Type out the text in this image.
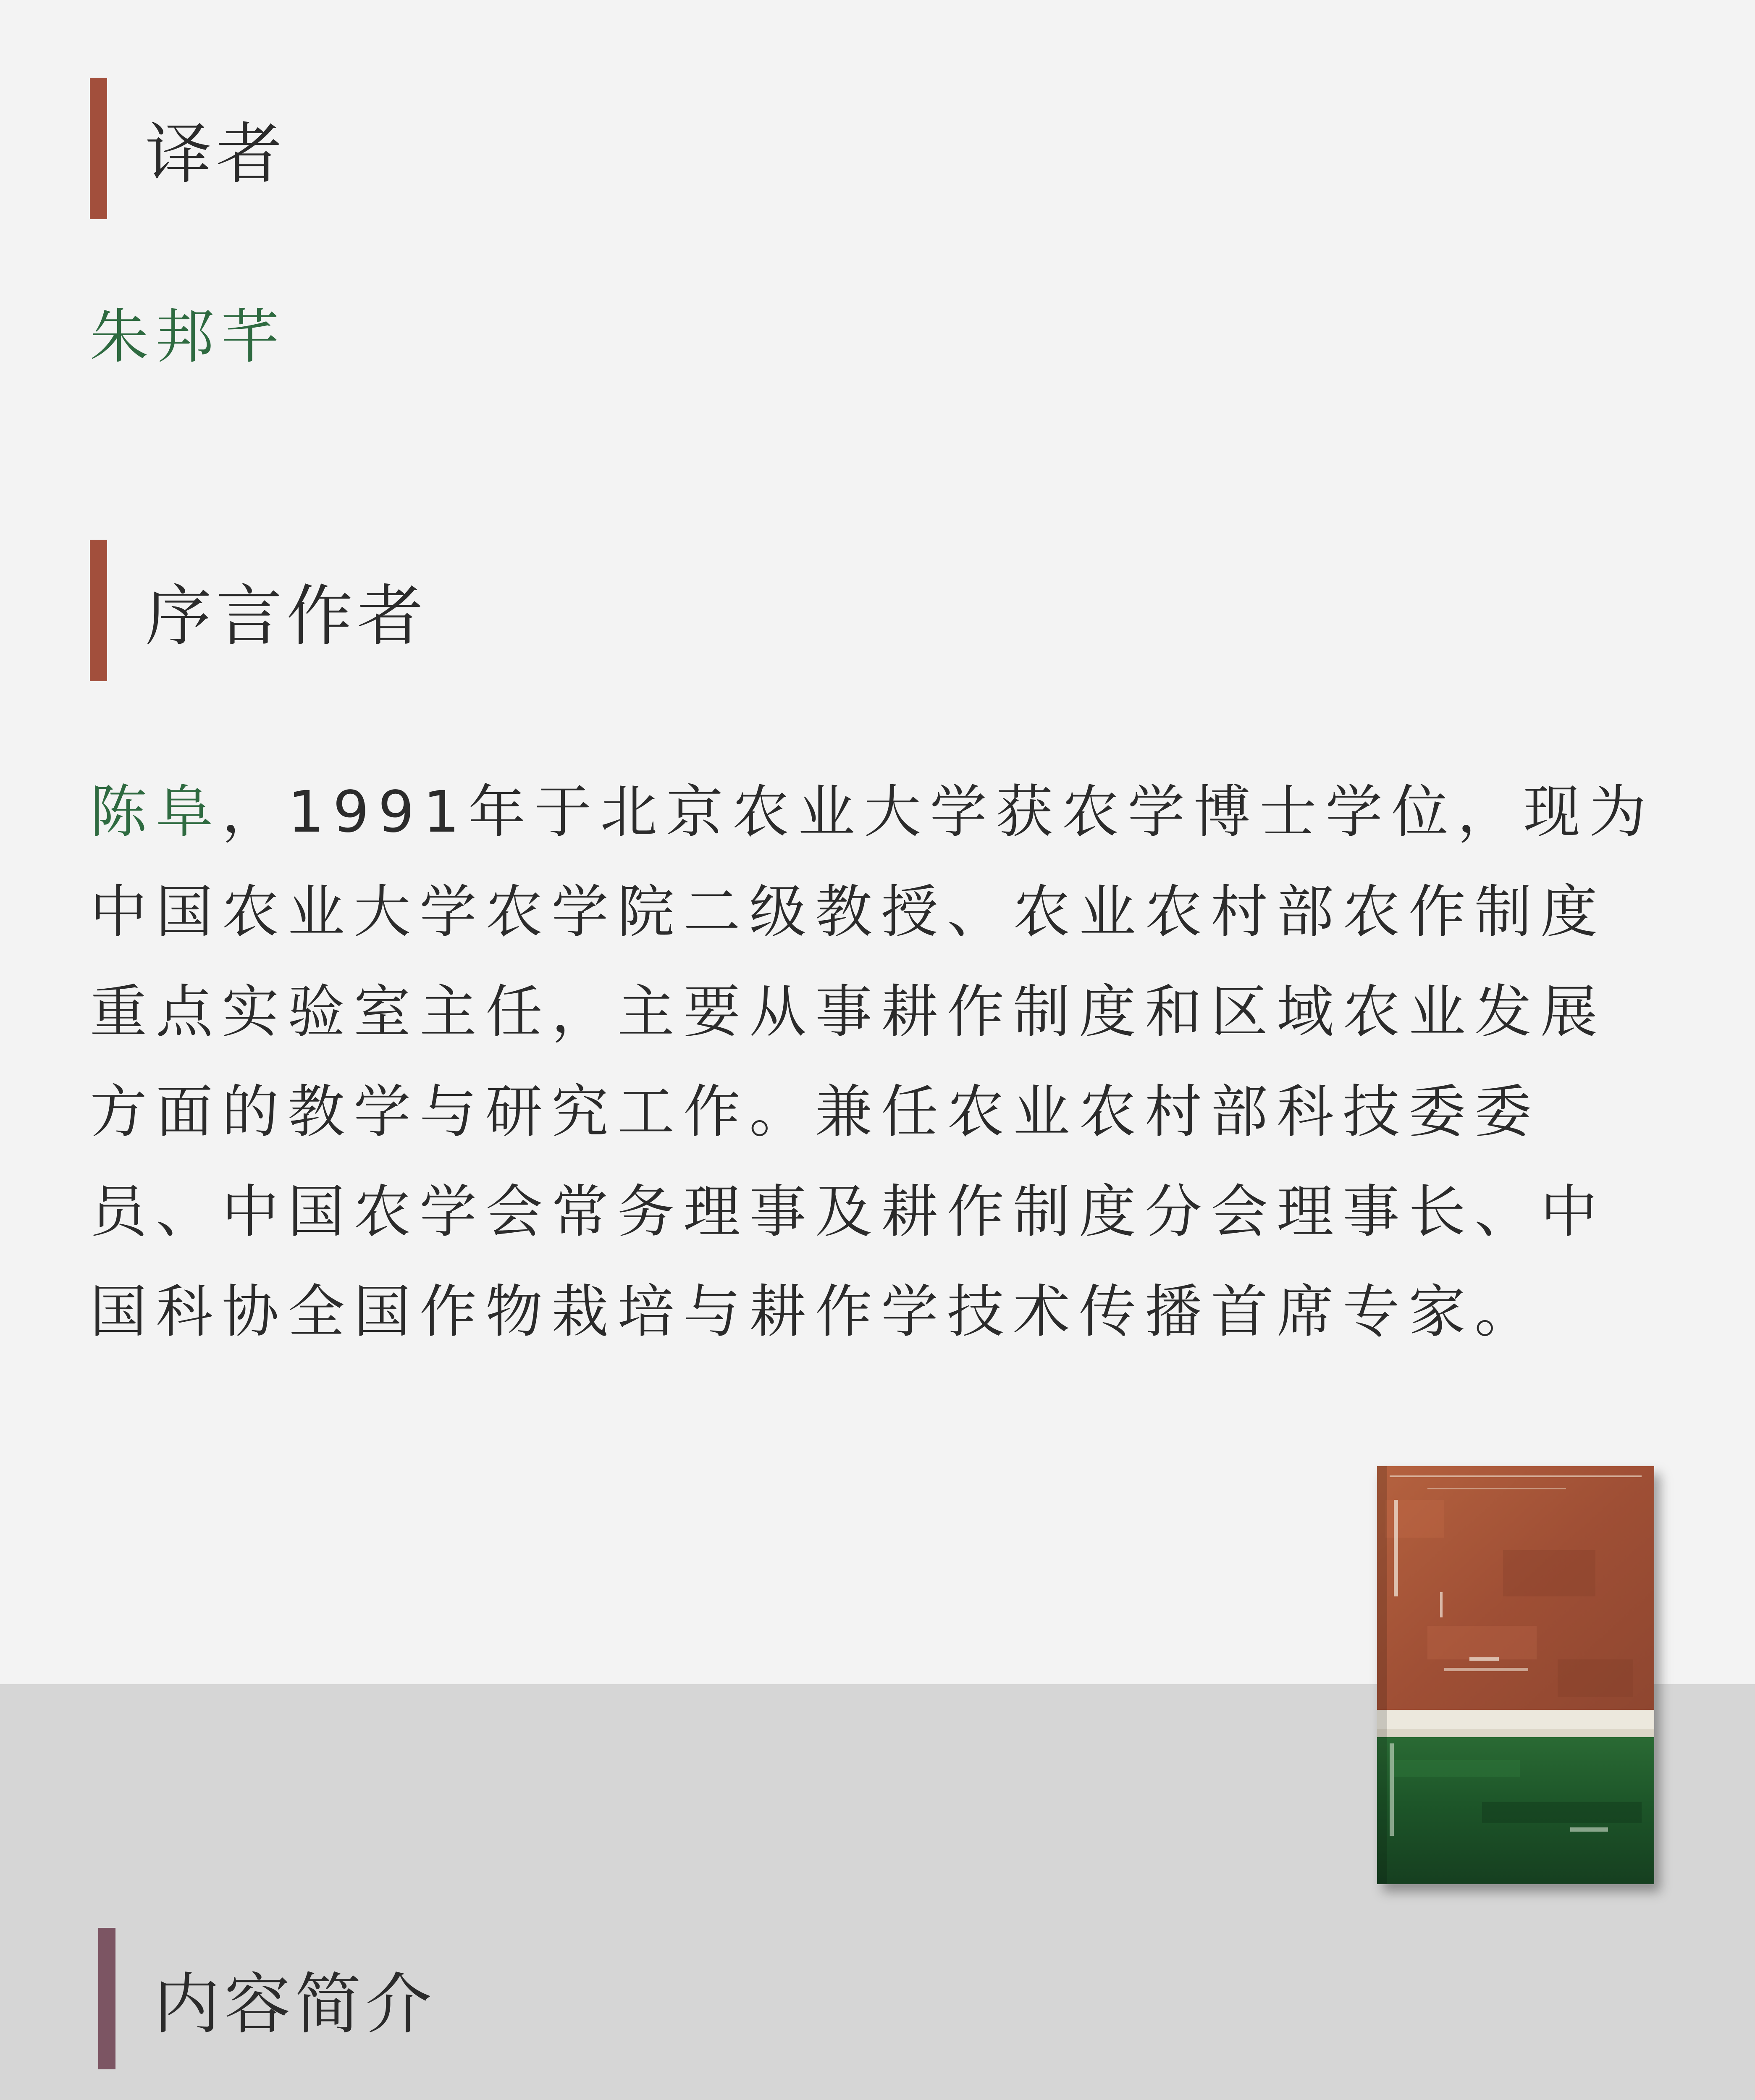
译者
朱邦芊
序言作者

陈阜，1991年于北京农业大学获农学博士学位，现为中国农业大学农学院二级教授、农业农村部农作制度重点实验室主任，主要从事耕作制度和区域农业发展方面的教学与研究工作。兼任农业农村部科技委委员、中国农学会常务理事及耕作制度分会理事长、中国科协全国作物栽培与耕作学技术传播首席专家。

内容简介
